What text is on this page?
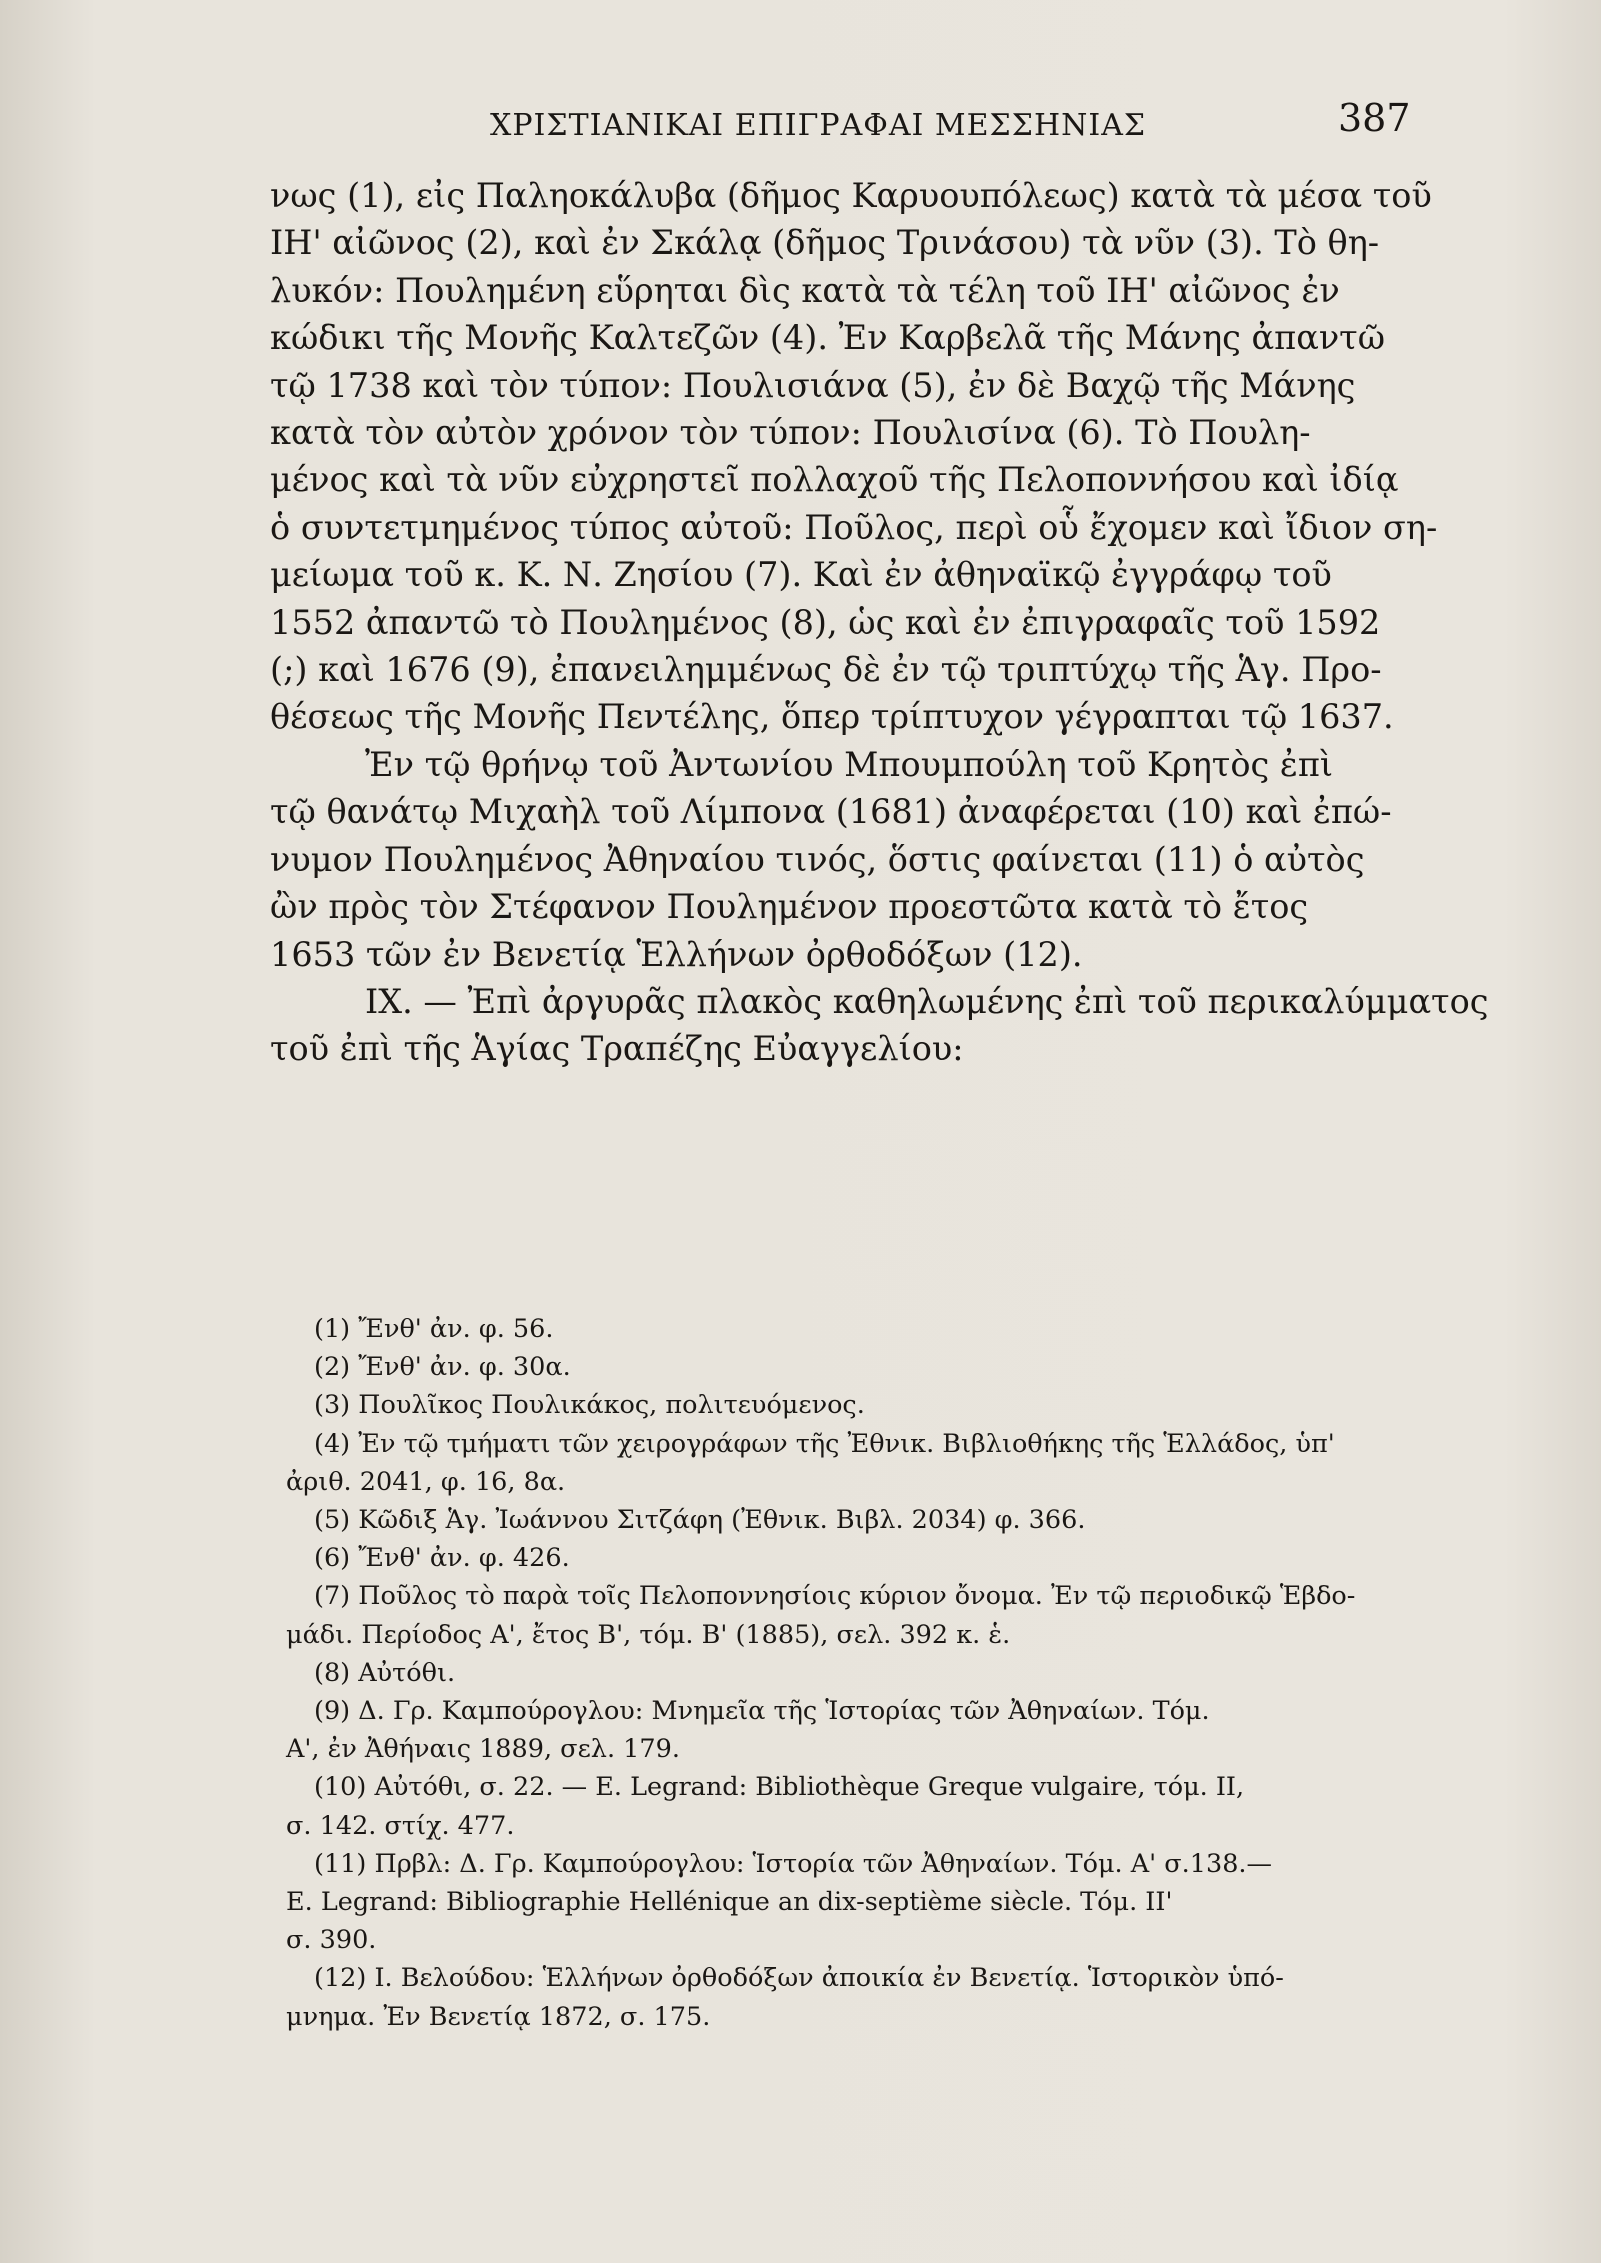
ΧΡΙΣΤΙΑΝΙΚΑΙ ΕΠΙΓΡΑΦΑΙ ΜΕΣΣΗΝΙΑΣ	387
νως (1), εἰς Παληοκάλυβα (δῆμος Καρυουπόλεως) κατὰ τὰ μέσα τοῦ
ΙΗ' αἰῶνος (2), καὶ ἐν Σκάλᾳ (δῆμος Τρινάσου) τὰ νῦν (3). Τὸ θη-
λυκόν: Πουλημένη εὕρηται δὶς κατὰ τὰ τέλη τοῦ ΙΗ' αἰῶνος ἐν
κώδικι τῆς Μονῆς Καλτεζῶν (4). Ἐν Καρβελᾶ τῆς Μάνης ἀπαντῶ
τῷ 1738 καὶ τὸν τύπον: Πουλισιάνα (5), ἐν δὲ Βαχῷ τῆς Μάνης
κατὰ τὸν αὐτὸν χρόνον τὸν τύπον: Πουλισίνα (6). Τὸ Πουλη-
μένος καὶ τὰ νῦν εὐχρηστεῖ πολλαχοῦ τῆς Πελοποννήσου καὶ ἰδίᾳ
ὁ συντετμημένος τύπος αὐτοῦ: Ποῦλος, περὶ οὗ ἔχομεν καὶ ἴδιον ση-
μείωμα τοῦ κ. Κ. Ν. Ζησίου (7). Καὶ ἐν ἀθηναϊκῷ ἐγγράφῳ τοῦ
1552 ἀπαντῶ τὸ Πουλημένος (8), ὡς καὶ ἐν ἐπιγραφαῖς τοῦ 1592
(;) καὶ 1676 (9), ἐπανειλημμένως δὲ ἐν τῷ τριπτύχῳ τῆς Ἁγ. Προ-
θέσεως τῆς Μονῆς Πεντέλης, ὅπερ τρίπτυχον γέγραπται τῷ 1637.
Ἐν τῷ θρήνῳ τοῦ Ἀντωνίου Μπουμπούλη τοῦ Κρητὸς ἐπὶ
τῷ θανάτῳ Μιχαὴλ τοῦ Λίμπονα (1681) ἀναφέρεται (10) καὶ ἐπώ-
νυμον Πουλημένος Ἀθηναίου τινός, ὅστις φαίνεται (11) ὁ αὐτὸς
ὢν πρὸς τὸν Στέφανον Πουλημένον προεστῶτα κατὰ τὸ ἔτος
1653 τῶν ἐν Βενετίᾳ Ἑλλήνων ὀρθοδόξων (12).
ΙΧ. — Ἐπὶ ἀργυρᾶς πλακὸς καθηλωμένης ἐπὶ τοῦ περικαλύμματος
τοῦ ἐπὶ τῆς Ἁγίας Τραπέζης Εὐαγγελίου:
(1) Ἔνθ' ἀν. φ. 56.
(2) Ἔνθ' ἀν. φ. 30α.
(3) Πουλῖκος Πουλικάκος, πολιτευόμενος.
(4) Ἐν τῷ τμήματι τῶν χειρογράφων τῆς Ἐθνικ. Βιβλιοθήκης τῆς Ἑλλάδος, ὑπ'
ἀριθ. 2041, φ. 16, 8α.
(5) Κῶδιξ Ἁγ. Ἰωάννου Σιτζάφη (Ἐθνικ. Βιβλ. 2034) φ. 366.
(6) Ἔνθ' ἀν. φ. 426.
(7) Ποῦλος τὸ παρὰ τοῖς Πελοποννησίοις κύριον ὄνομα. Ἐν τῷ περιοδικῷ Ἑβδο-
μάδι. Περίοδος Α', ἔτος Β', τόμ. Β' (1885), σελ. 392 κ. ἑ.
(8) Αὐτόθι.
(9) Δ. Γρ. Καμπούρογλου: Μνημεῖα τῆς Ἱστορίας τῶν Ἀθηναίων. Τόμ.
Α', ἐν Ἀθήναις 1889, σελ. 179.
(10) Αὐτόθι, σ. 22. — E. Legrand: Bibliothèque Greque vulgaire, τόμ. II,
σ. 142. στίχ. 477.
(11) Πρβλ: Δ. Γρ. Καμπούρογλου: Ἱστορία τῶν Ἀθηναίων. Τόμ. Α' σ.138.—
E. Legrand: Bibliographie Hellénique an dix-septième siècle. Τόμ. II'
σ. 390.
(12) Ι. Βελούδου: Ἑλλήνων ὀρθοδόξων ἀποικία ἐν Βενετίᾳ. Ἱστορικὸν ὑπό-
μνημα. Ἐν Βενετίᾳ 1872, σ. 175.
